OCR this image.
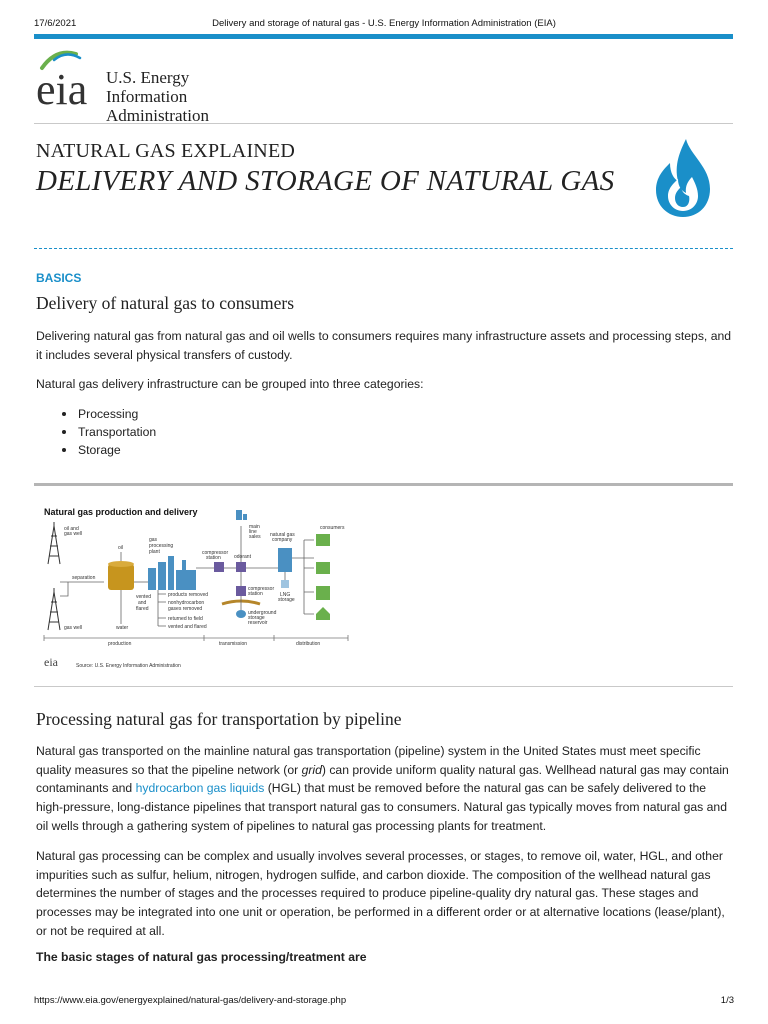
17/6/2021	Delivery and storage of natural gas - U.S. Energy Information Administration (EIA)
eia U.S. Energy Information
Administration
NATURAL GAS EXPLAINED
DELIVERY AND STORAGE OF NATURAL GAS
BASICS
Delivery of natural gas to consumers

Delivering natural gas from natural gas and oil wells to consumers requires many infrastructure assets and processing steps, and it includes several physical transfers of custody.

Natural gas delivery infrastructure can be grouped into three categories:

Processing
Transportation
Storage
Natural gas production and delivery
oil and gas well
gas well
separation
oil
water
vented and flared
gas processing plant
products removed
nonhydrocarbon gases removed
returned to field
vented and flared
compressor station	odorant
main line sales
compressor station
underground storage reservoir
natural gas company
LNG storage
consumers
production	transmission	distribution
eia	Source: U.S. Energy Information Administration
Processing natural gas for transportation by pipeline

Natural gas transported on the mainline natural gas transportation (pipeline) system in the United States must meet specific quality measures so that the pipeline network (or grid) can provide uniform quality natural gas. Wellhead natural gas may contain contaminants and hydrocarbon gas liquids (HGL) that must be removed before the natural gas can be safely delivered to the high-pressure, long-distance pipelines that transport natural gas to consumers. Natural gas typically moves from natural gas and oil wells through a gathering system of pipelines to natural gas processing plants for treatment.

Natural gas processing can be complex and usually involves several processes, or stages, to remove oil, water, HGL, and other impurities such as sulfur, helium, nitrogen, hydrogen sulfide, and carbon dioxide. The composition of the wellhead natural gas determines the number of stages and the processes required to produce pipeline-quality dry natural gas. These stages and processes may be integrated into one unit or operation, be performed in a different order or at alternative locations (lease/plant), or not be required at all.

The basic stages of natural gas processing/treatment are
https://www.eia.gov/energyexplained/natural-gas/delivery-and-storage.php	1/3
